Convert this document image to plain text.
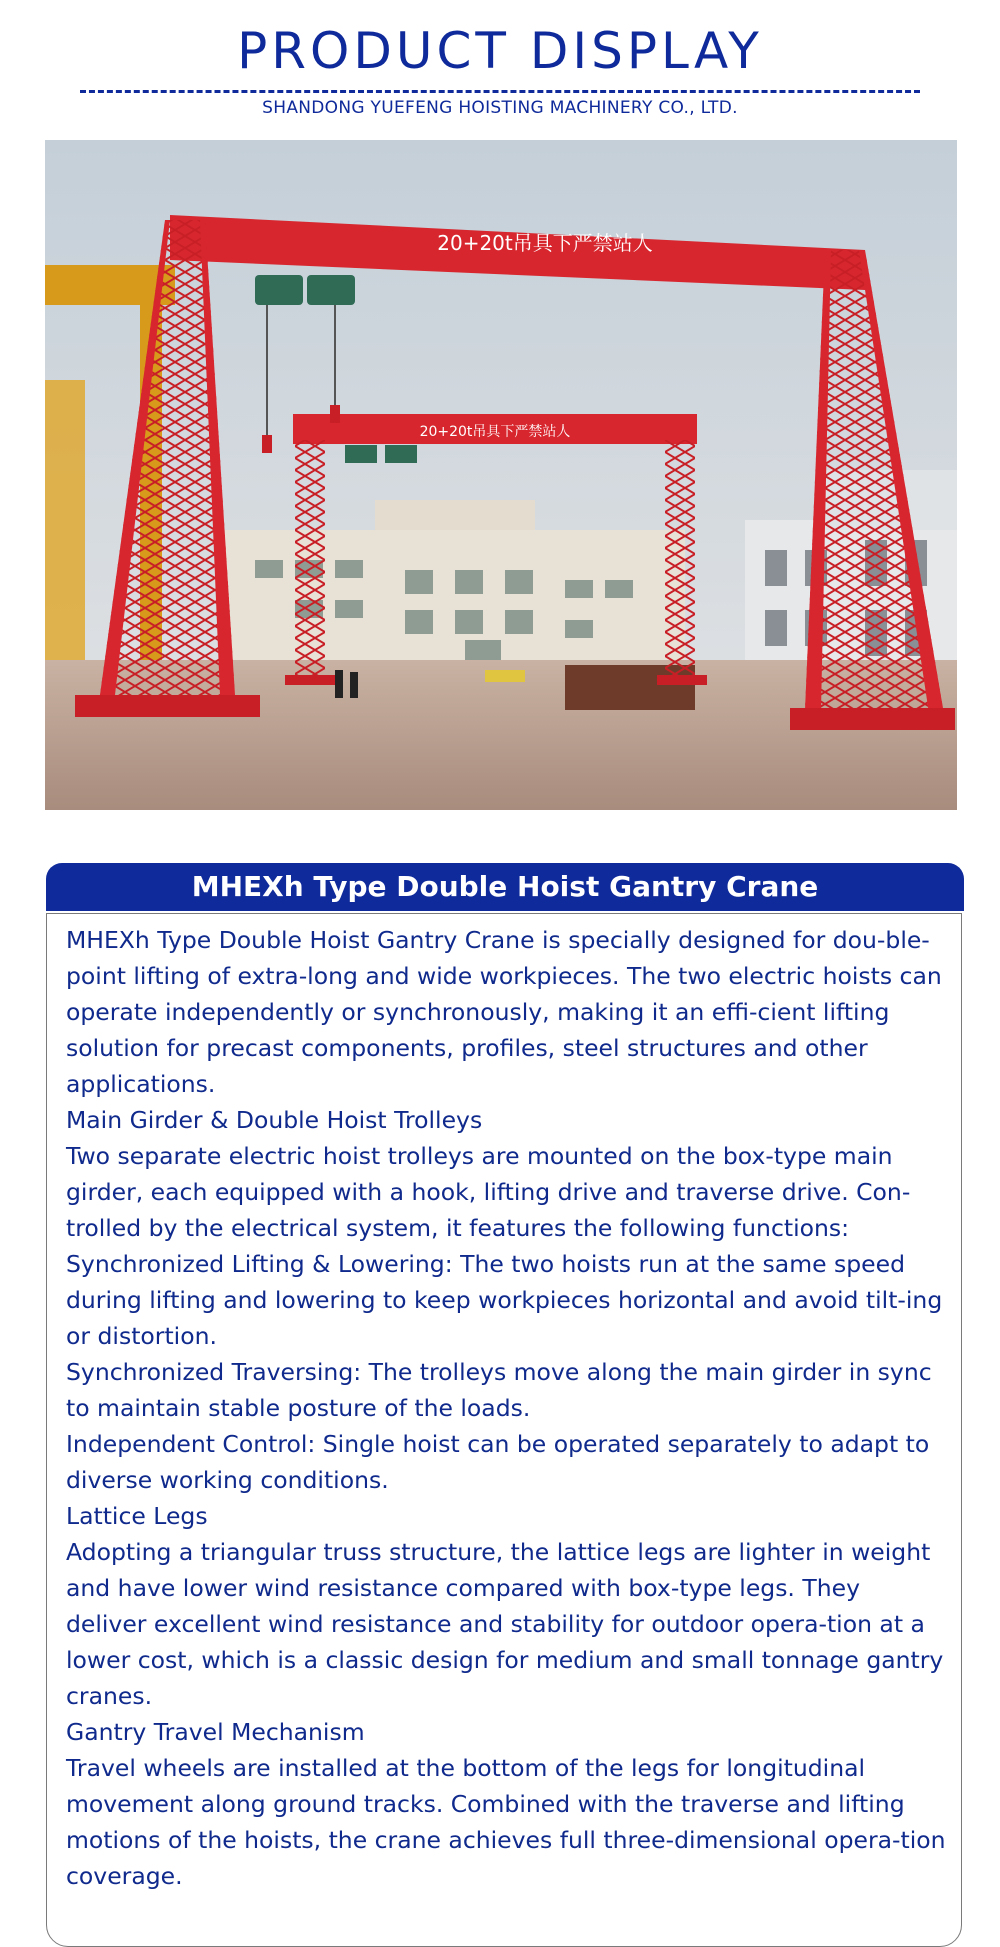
PRODUCT DISPLAY
SHANDONG YUEFENG HOISTING MACHINERY CO., LTD.
20+20t吊具下严禁站人
20+20t吊具下严禁站人
MHEXh Type Double Hoist Gantry Crane

MHEXh Type Double Hoist Gantry Crane is specially designed for dou-ble-point lifting of extra-long and wide workpieces. The two electric hoists can operate independently or synchronously, making it an effi-cient lifting solution for precast components, profiles, steel structures and other applications.

Main Girder & Double Hoist Trolleys

Two separate electric hoist trolleys are mounted on the box-type main girder, each equipped with a hook, lifting drive and traverse drive. Con-trolled by the electrical system, it features the following functions:

Synchronized Lifting & Lowering: The two hoists run at the same speed during lifting and lowering to keep workpieces horizontal and avoid tilt-ing or distortion.

Synchronized Traversing: The trolleys move along the main girder in sync to maintain stable posture of the loads.

Independent Control: Single hoist can be operated separately to adapt to diverse working conditions.

Lattice Legs

Adopting a triangular truss structure, the lattice legs are lighter in weight and have lower wind resistance compared with box-type legs. They deliver excellent wind resistance and stability for outdoor opera-tion at a lower cost, which is a classic design for medium and small tonnage gantry cranes.

Gantry Travel Mechanism

Travel wheels are installed at the bottom of the legs for longitudinal movement along ground tracks. Combined with the traverse and lifting motions of the hoists, the crane achieves full three-dimensional opera-tion coverage.
